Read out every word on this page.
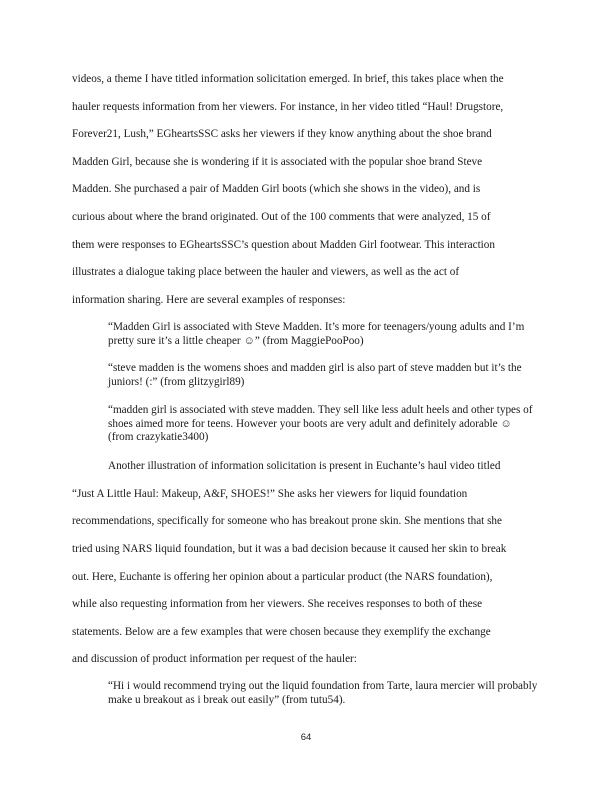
videos, a theme I have titled information solicitation emerged. In brief, this takes place when the
hauler requests information from her viewers. For instance, in her video titled “Haul! Drugstore,
Forever21, Lush,” EGheartsSSC asks her viewers if they know anything about the shoe brand
Madden Girl, because she is wondering if it is associated with the popular shoe brand Steve
Madden. She purchased a pair of Madden Girl boots (which she shows in the video), and is
curious about where the brand originated. Out of the 100 comments that were analyzed, 15 of
them were responses to EGheartsSSC’s question about Madden Girl footwear. This interaction
illustrates a dialogue taking place between the hauler and viewers, as well as the act of
information sharing. Here are several examples of responses:
“Madden Girl is associated with Steve Madden. It’s more for teenagers/young adults and I’m pretty sure it’s a little cheaper ☺” (from MaggiePooPoo)
“steve madden is the womens shoes and madden girl is also part of steve madden but it’s the juniors! (:” (from glitzygirl89)
“madden girl is associated with steve madden. They sell like less adult heels and other types of shoes aimed more for teens. However your boots are very adult and definitely adorable ☺ (from crazykatie3400)
Another illustration of information solicitation is present in Euchante’s haul video titled
“Just A Little Haul: Makeup, A&F, SHOES!” She asks her viewers for liquid foundation
recommendations, specifically for someone who has breakout prone skin. She mentions that she
tried using NARS liquid foundation, but it was a bad decision because it caused her skin to break
out. Here, Euchante is offering her opinion about a particular product (the NARS foundation),
while also requesting information from her viewers. She receives responses to both of these
statements. Below are a few examples that were chosen because they exemplify the exchange
and discussion of product information per request of the hauler:
“Hi i would recommend trying out the liquid foundation from Tarte, laura mercier will probably make u breakout as i break out easily” (from tutu54).
64
